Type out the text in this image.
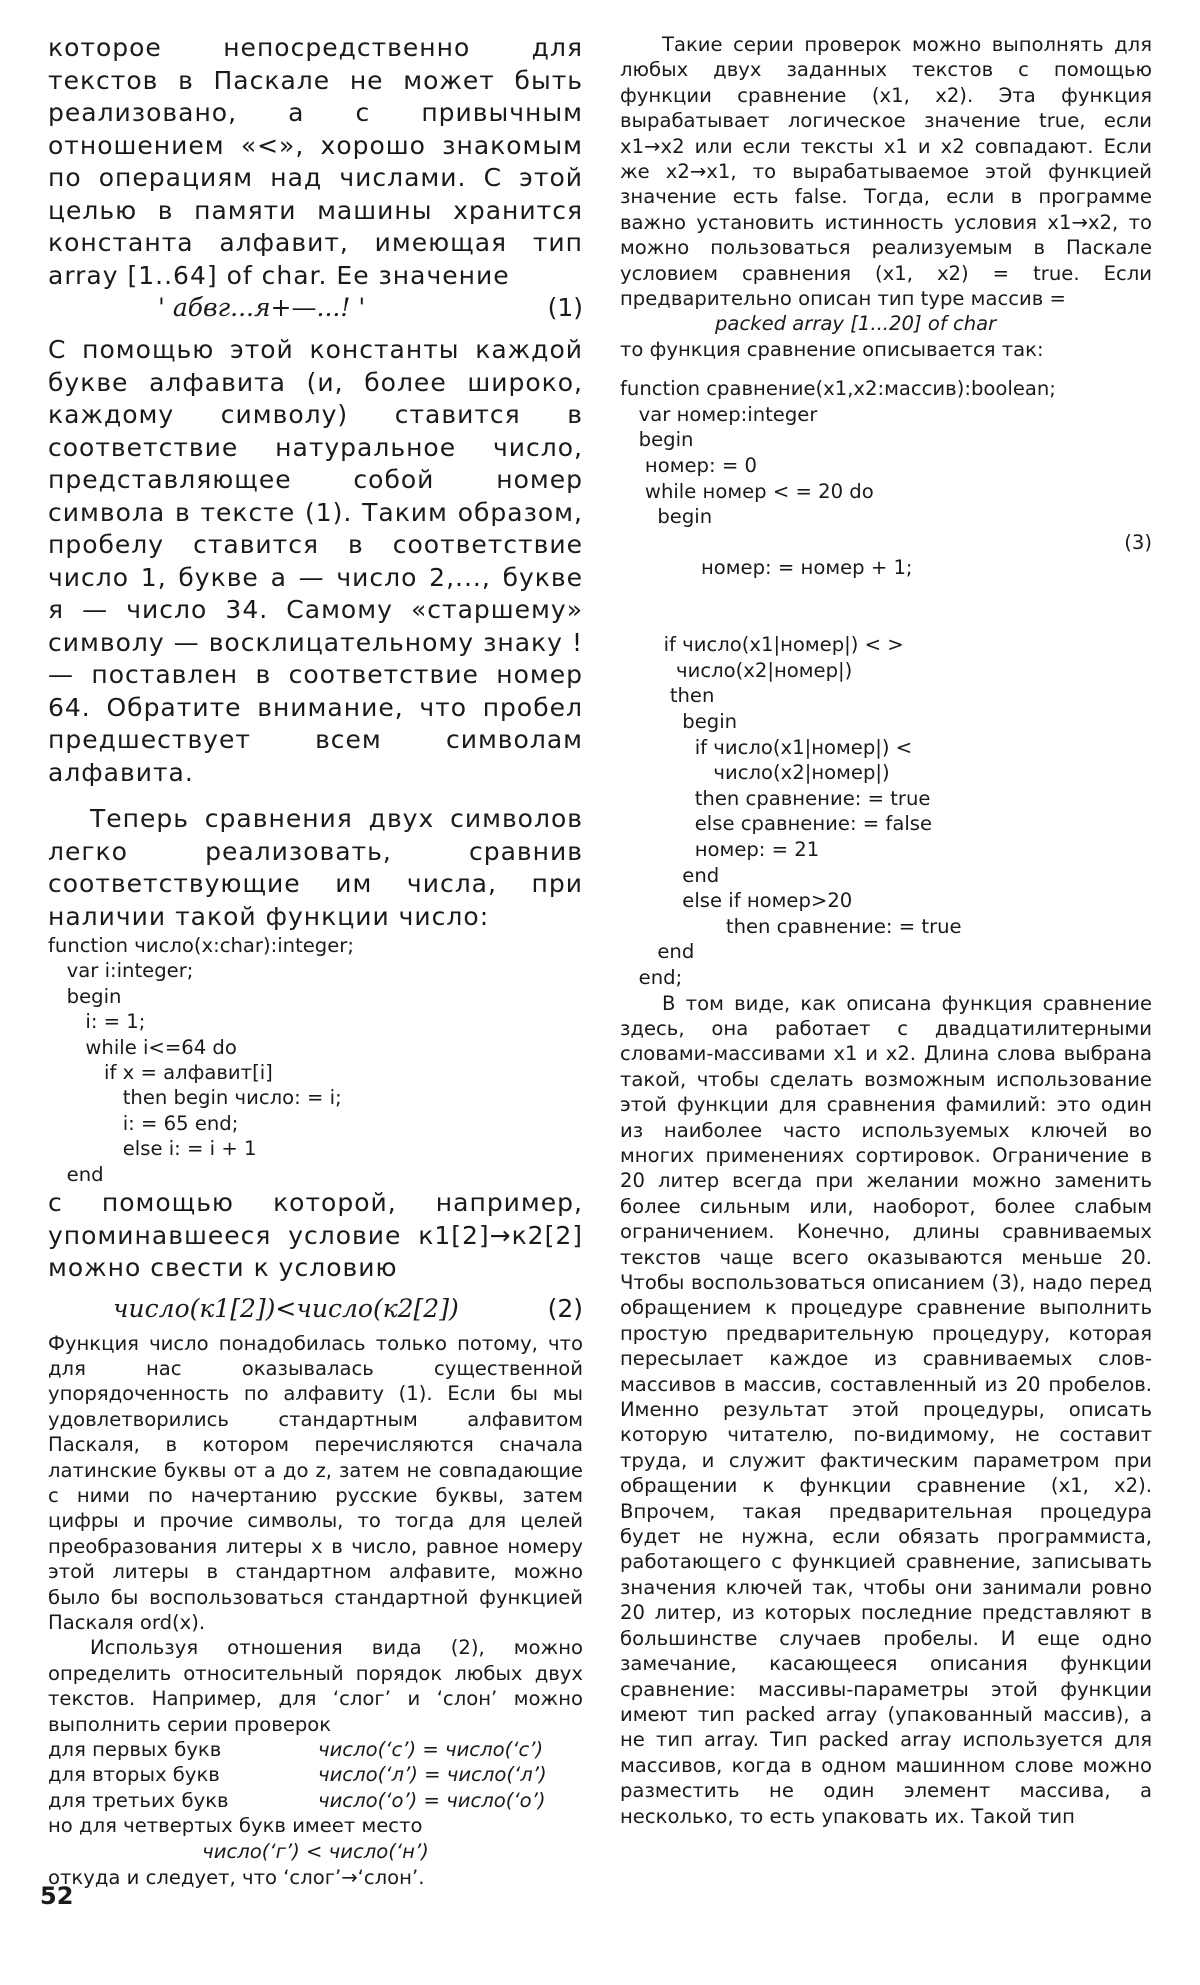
которое непосредственно для текстов в Паскале не может быть реализовано, а с привычным отношением «<», хорошо знакомым по операциям над числами. С этой целью в памяти машины хранится константа алфавит, имеющая тип array [1..64] of char. Ее значение

' абвг...я+—...! '	(1)

С помощью этой константы каждой букве алфавита (и, более широко, каждому символу) ставится в соответствие натуральное число, представляющее собой номер символа в тексте (1). Таким образом, пробелу ставится в соответствие число 1, букве а — число 2,..., букве я — число 34. Самому «старшему» символу — восклицательному знаку ! — поставлен в соответствие номер 64. Обратите внимание, что пробел предшествует всем символам алфавита.

Теперь сравнения двух символов легко реализовать, сравнив соответствующие им числа, при наличии такой функции число:

function число(x:char):integer;
var i:integer;
begin
i: = 1;
while i<=64 do
if x = алфавит[i]
then begin число: = i;
i: = 65 end;
else i: = i + 1
end

с помощью которой, например, упоминавшееся условие к1[2]→к2[2] можно свести к условию

число(к1[2])<число(к2[2])	(2)

Функция число понадобилась только потому, что для нас оказывалась существенной упорядоченность по алфавиту (1). Если бы мы удовлетворились стандартным алфавитом Паскаля, в котором перечисляются сначала латинские буквы от а до z, затем не совпадающие с ними по начертанию русские буквы, затем цифры и прочие символы, то тогда для целей преобразования литеры x в число, равное номеру этой литеры в стандартном алфавите, можно было бы воспользоваться стандартной функцией Паскаля ord(x).

Используя отношения вида (2), можно определить относительный порядок любых двух текстов. Например, для ‘слог’ и ‘слон’ можно выполнить серии проверок

для первых букв	число(‘с’) = число(‘с’)
для вторых букв	число(‘л’) = число(‘л’)
для третьих букв	число(‘о’) = число(‘о’)

но для четвертых букв имеет место

число(‘г’) < число(‘н’)

откуда и следует, что ‘слог’→‘слон’.

Такие серии проверок можно выполнять для любых двух заданных текстов с помощью функции сравнение (x1, x2). Эта функция вырабатывает логическое значение true, если x1→x2 или если тексты x1 и x2 совпадают. Если же x2→x1, то вырабатываемое этой функцией значение есть false. Тогда, если в программе важно установить истинность условия x1→x2, то можно пользоваться реализуемым в Паскале условием сравнения (x1, x2) = true. Если предварительно описан тип type массив =

packed array [1...20] of char

то функция сравнение описывается так:

function сравнение(x1,x2:массив):boolean;
var номер:integer
begin
номер: = 0
while номер < = 20 do
begin

номер: = номер + 1;

(3)

if число(x1|номер|) < >
число(x2|номер|)
then
begin
if число(x1|номер|) <
число(x2|номер|)
then сравнение: = true
else сравнение: = false
номер: = 21
end
else if номер>20
then сравнение: = true
end
end;

В том виде, как описана функция сравнение здесь, она работает с двадцатилитерными словами-массивами x1 и x2. Длина слова выбрана такой, чтобы сделать возможным использование этой функции для сравнения фамилий: это один из наиболее часто используемых ключей во многих применениях сортировок. Ограничение в 20 литер всегда при желании можно заменить более сильным или, наоборот, более слабым ограничением. Конечно, длины сравниваемых текстов чаще всего оказываются меньше 20. Чтобы воспользоваться описанием (3), надо перед обращением к процедуре сравнение выполнить простую предварительную процедуру, которая пересылает каждое из сравниваемых слов-массивов в массив, составленный из 20 пробелов. Именно результат этой процедуры, описать которую читателю, по-видимому, не составит труда, и служит фактическим параметром при обращении к функции сравнение (x1, x2). Впрочем, такая предварительная процедура будет не нужна, если обязать программиста, работающего с функцией сравнение, записывать значения ключей так, чтобы они занимали ровно 20 литер, из которых последние представляют в большинстве случаев пробелы. И еще одно замечание, касающееся описания функции сравнение: массивы-параметры этой функции имеют тип packed array (упакованный массив), а не тип array. Тип packed array используется для массивов, когда в одном машинном слове можно разместить не один элемент массива, а несколько, то есть упаковать их. Такой тип

52
